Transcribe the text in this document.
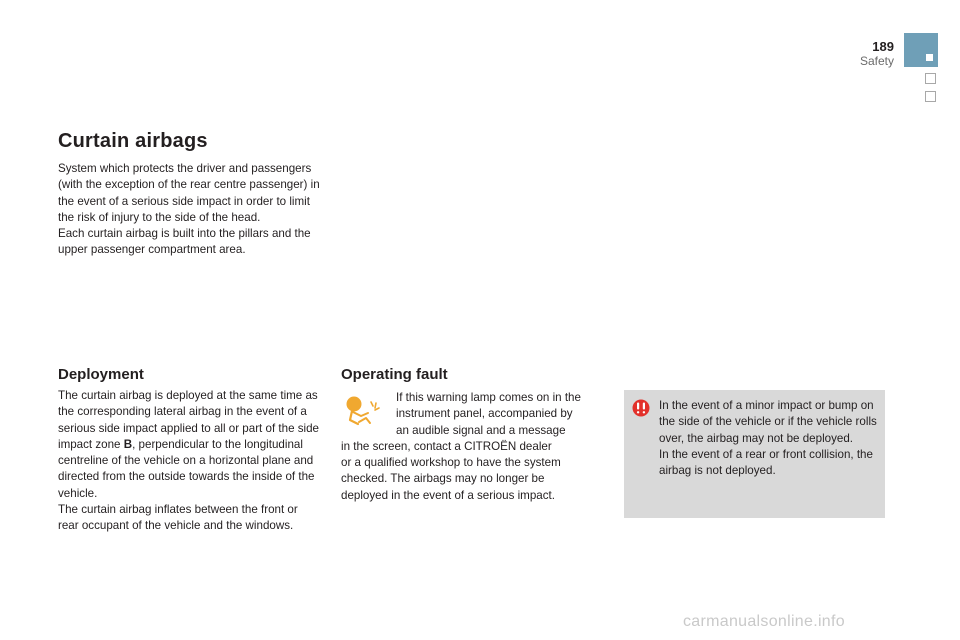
189
Safety
Curtain airbags

System which protects the driver and passengers (with the exception of the rear centre passenger) in the event of a serious side impact in order to limit the risk of injury to the side of the head.

Each curtain airbag is built into the pillars and the upper passenger compartment area.

Deployment

The curtain airbag is deployed at the same time as the corresponding lateral airbag in the event of a serious side impact applied to all or part of the side impact zone B, perpendicular to the longitudinal centreline of the vehicle on a horizontal plane and directed from the outside towards the inside of the vehicle.

The curtain airbag inflates between the front or rear occupant of the vehicle and the windows.

Operating fault
If this warning lamp comes on in the
instrument panel, accompanied by
an audible signal and a message
in the screen, contact a CITROËN dealer
or a qualified workshop to have the system
checked. The airbags may no longer be
deployed in the event of a serious impact.

In the event of a minor impact or bump on the side of the vehicle or if the vehicle rolls over, the airbag may not be deployed.

In the event of a rear or front collision, the airbag is not deployed.

carmanualsonline.info
